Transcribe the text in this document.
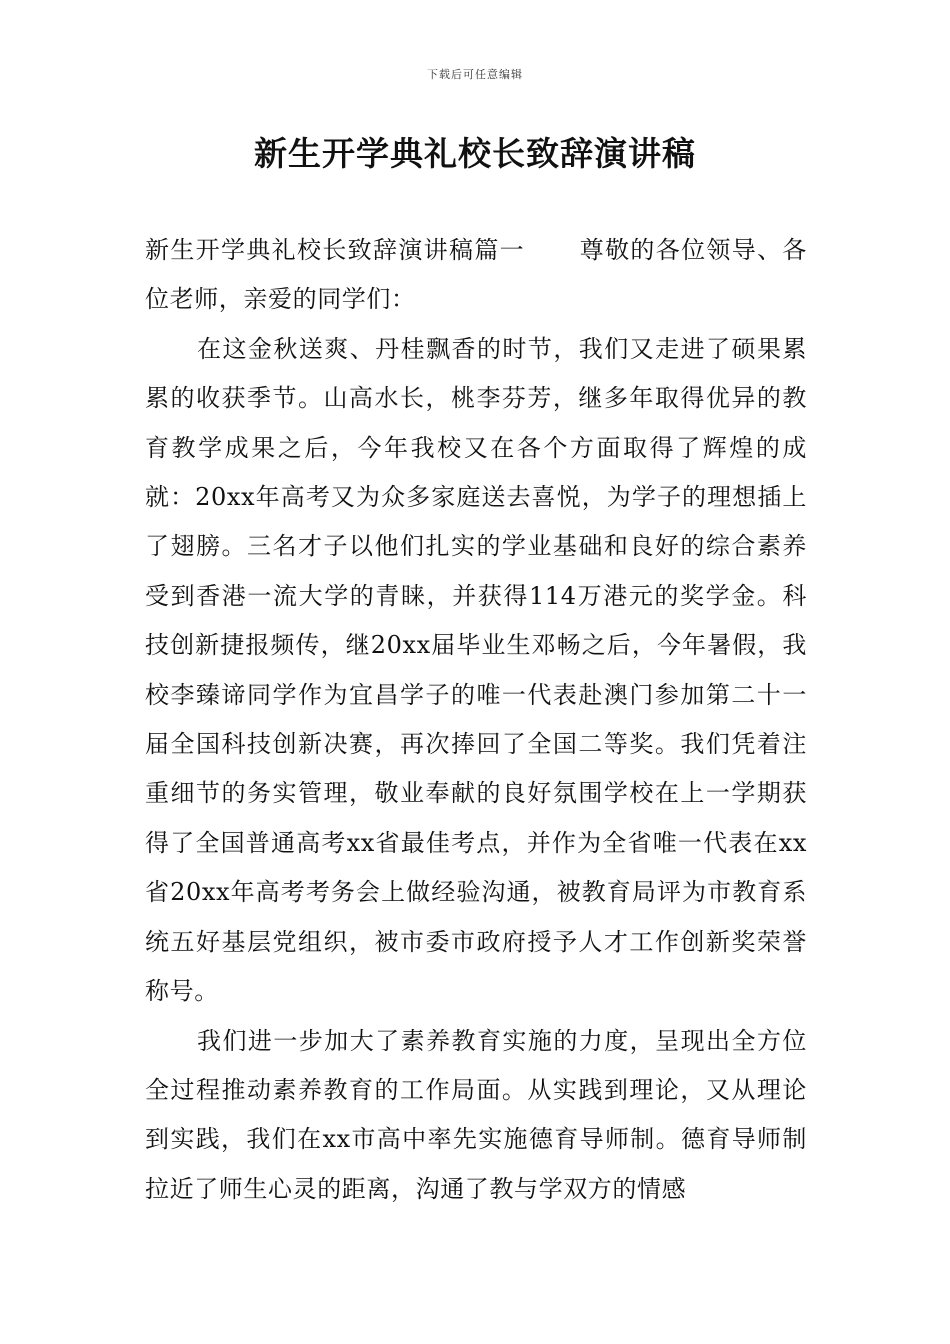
下载后可任意编辑
新生开学典礼校长致辞演讲稿

新生开学典礼校长致辞演讲稿篇一 尊敬的各位领导、各位老师，亲爱的同学们：

在这金秋送爽、丹桂飘香的时节，我们又走进了硕果累累的收获季节。山高水长，桃李芬芳，继多年取得优异的教育教学成果之后，今年我校又在各个方面取得了辉煌的成就：20xx年高考又为众多家庭送去喜悦，为学子的理想插上了翅膀。三名才子以他们扎实的学业基础和良好的综合素养受到香港一流大学的青睐，并获得114万港元的奖学金。科技创新捷报频传，继20xx届毕业生邓畅之后，今年暑假，我校李臻谛同学作为宜昌学子的唯一代表赴澳门参加第二十一届全国科技创新决赛，再次捧回了全国二等奖。我们凭着注重细节的务实管理，敬业奉献的良好氛围学校在上一学期获得了全国普通高考xx省最佳考点，并作为全省唯一代表在xx省20xx年高考考务会上做经验沟通，被教育局评为市教育系统五好基层党组织，被市委市政府授予人才工作创新奖荣誉称号。

我们进一步加大了素养教育实施的力度，呈现出全方位全过程推动素养教育的工作局面。从实践到理论，又从理论到实践，我们在xx市高中率先实施德育导师制。德育导师制拉近了师生心灵的距离，沟通了教与学双方的情感
